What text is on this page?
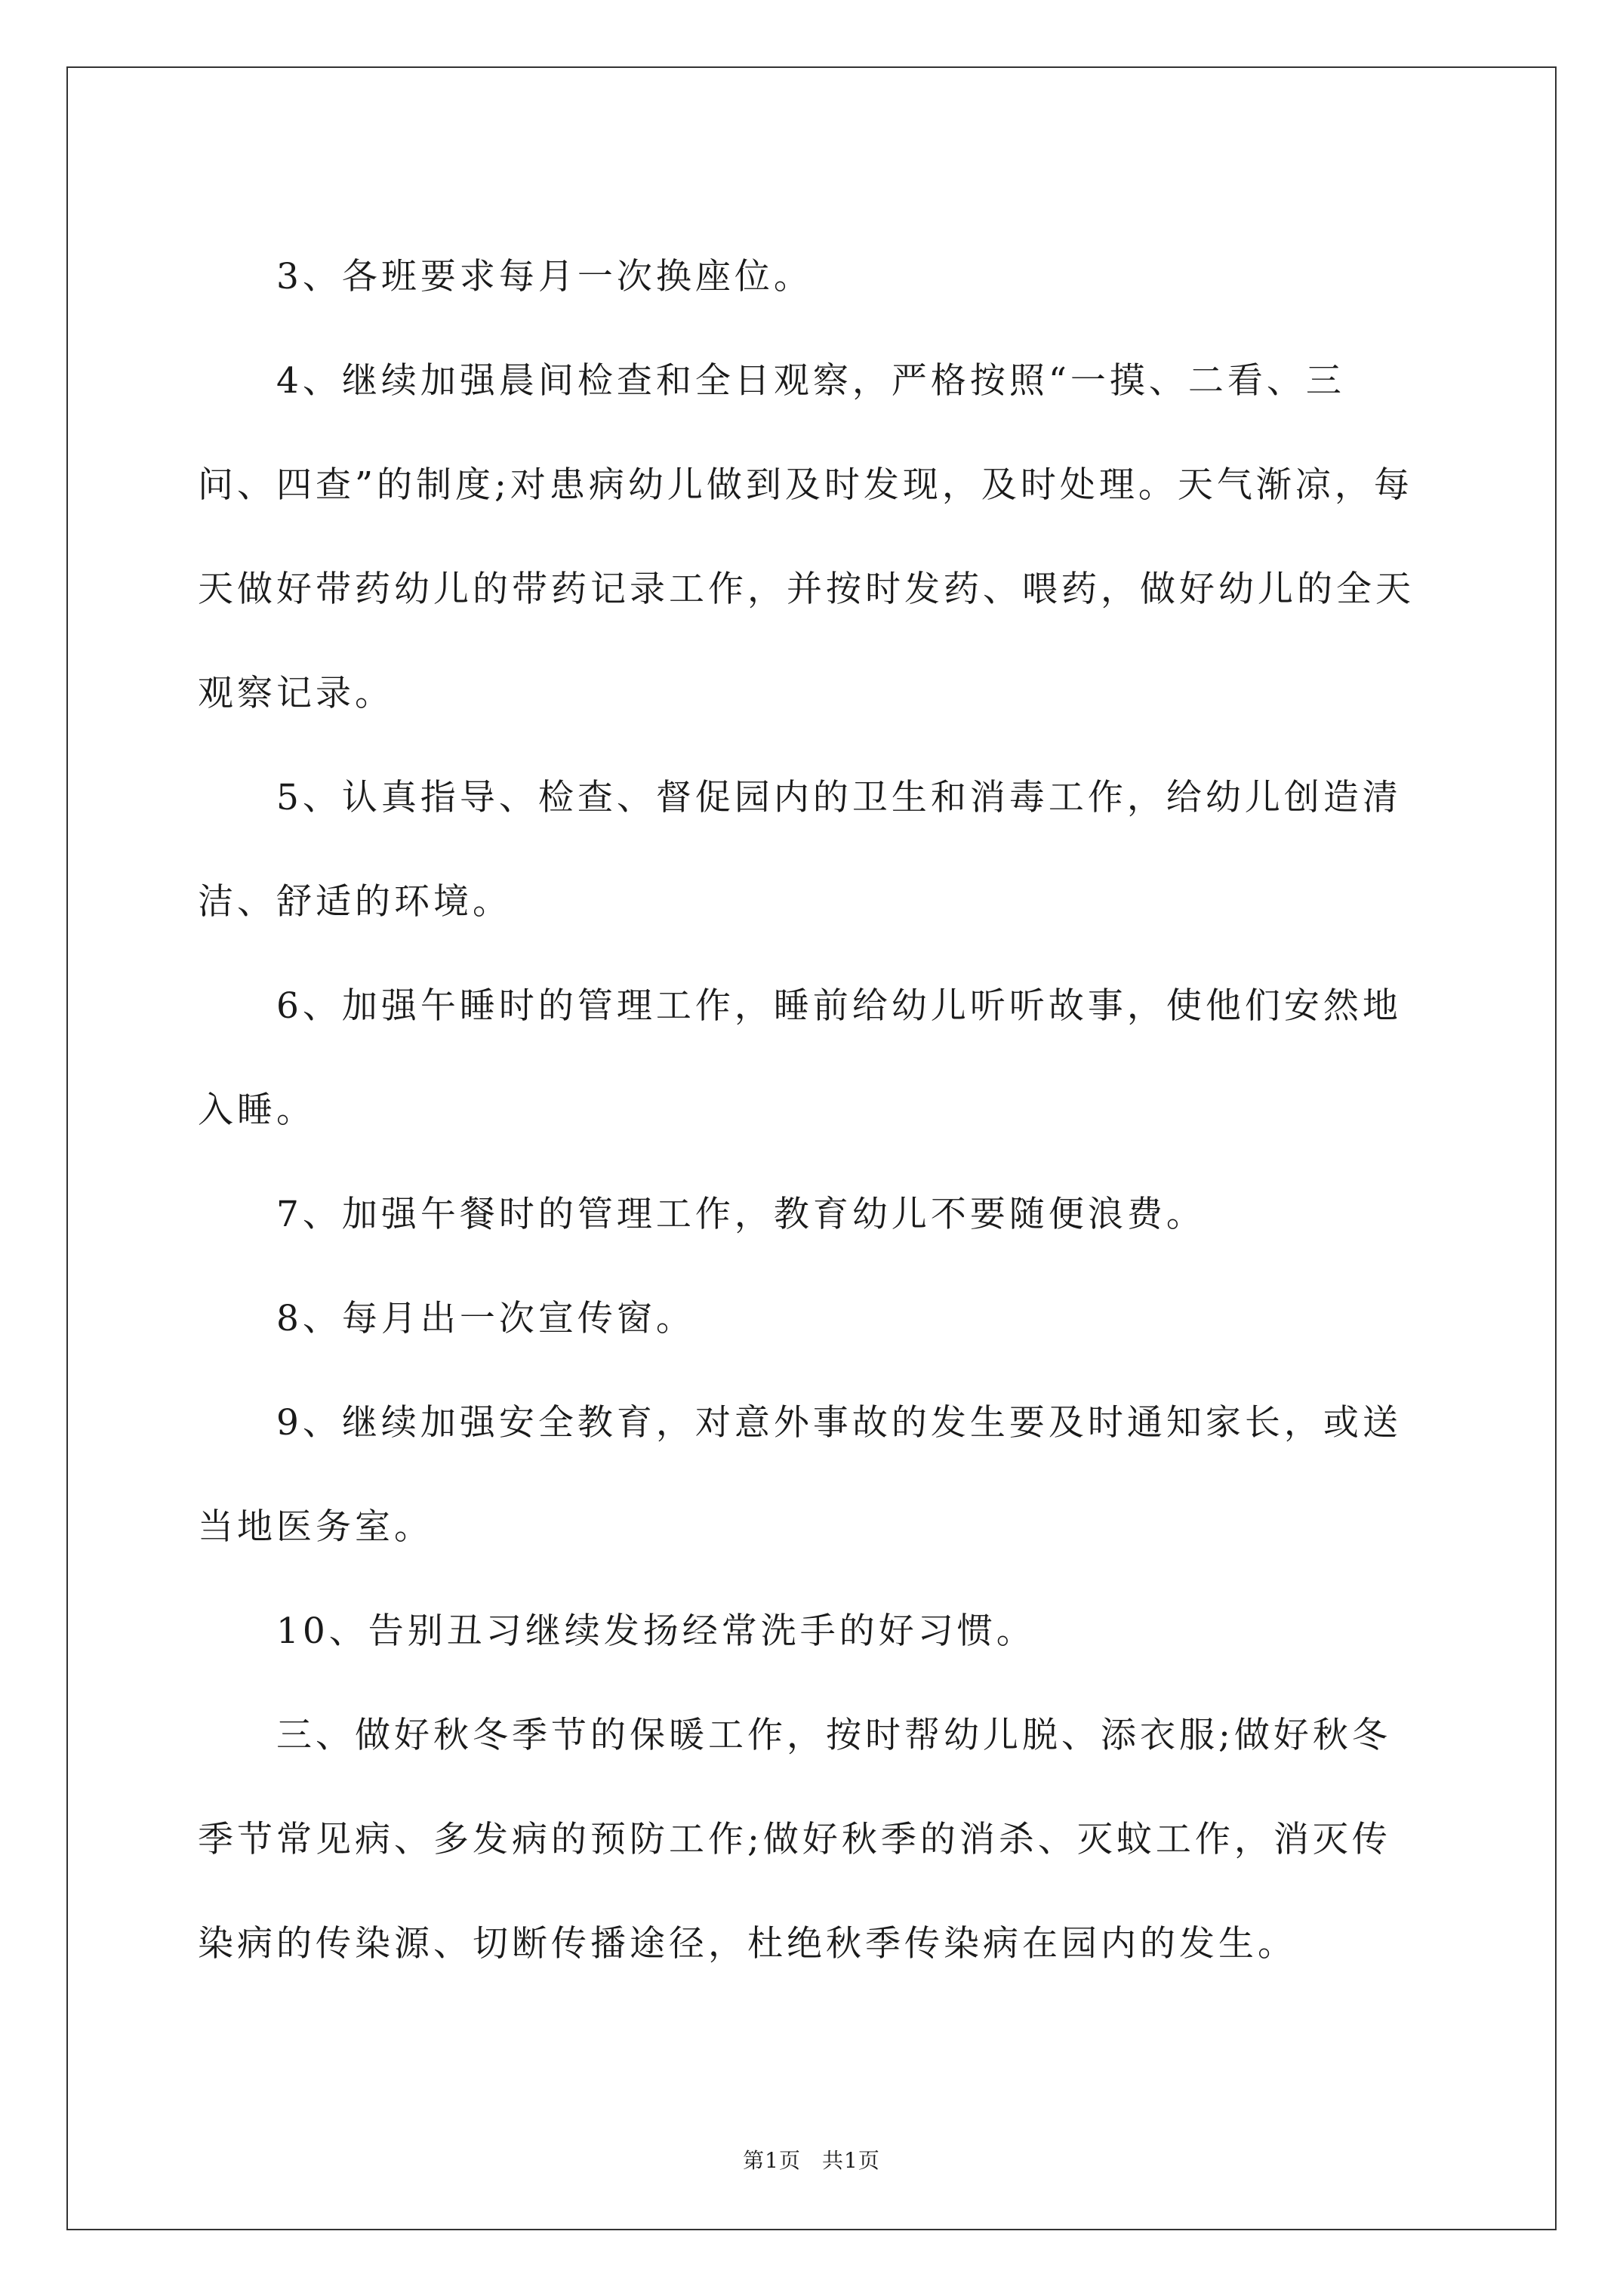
3、各班要求每月一次换座位。

4、继续加强晨间检查和全日观察，严格按照“一摸、二看、三问、四查”的制度;对患病幼儿做到及时发现，及时处理。天气渐凉，每天做好带药幼儿的带药记录工作，并按时发药、喂药，做好幼儿的全天观察记录。

5、认真指导、检查、督促园内的卫生和消毒工作，给幼儿创造清洁、舒适的环境。

6、加强午睡时的管理工作，睡前给幼儿听听故事，使他们安然地入睡。

7、加强午餐时的管理工作，教育幼儿不要随便浪费。

8、每月出一次宣传窗。

9、继续加强安全教育，对意外事故的发生要及时通知家长，或送当地医务室。

10、告别丑习继续发扬经常洗手的好习惯。

三、做好秋冬季节的保暖工作，按时帮幼儿脱、添衣服;做好秋冬季节常见病、多发病的预防工作;做好秋季的消杀、灭蚊工作，消灭传染病的传染源、切断传播途径，杜绝秋季传染病在园内的发生。

第1页 共1页
